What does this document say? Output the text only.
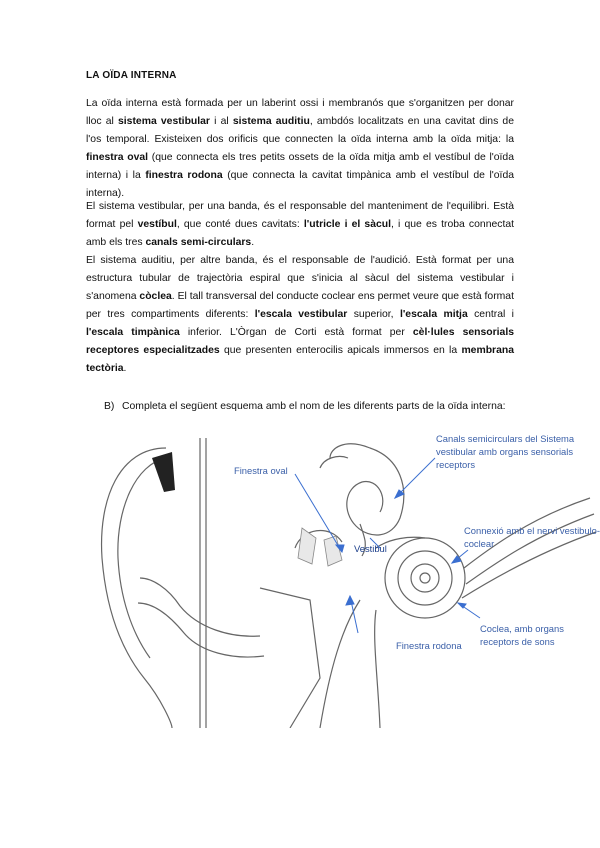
LA OÏDA INTERNA

La oïda interna està formada per un laberint ossi i membranós que s'organitzen per donar lloc al sistema vestibular i al sistema auditiu, ambdós localitzats en una cavitat dins de l'os temporal. Existeixen dos orificis que connecten la oïda interna amb la oïda mitja: la finestra oval (que connecta els tres petits ossets de la oïda mitja amb el vestíbul de l'oïda interna) i la finestra rodona (que connecta la cavitat timpànica amb el vestíbul de l'oïda interna).

El sistema vestibular, per una banda, és el responsable del manteniment de l'equilibri. Està format pel vestíbul, que conté dues cavitats: l'utricle i el sàcul, i que es troba connectat amb els tres canals semi-circulars.

El sistema auditiu, per altre banda, és el responsable de l'audició. Està format per una estructura tubular de trajectòria espiral que s'inicia al sàcul del sistema vestibular i s'anomena còclea. El tall transversal del conducte coclear ens permet veure que està format per tres compartiments diferents: l'escala vestibular superior, l'escala mitja central i l'escala timpànica inferior. L'Òrgan de Corti està format per cèl·lules sensorials receptores especialitzades que presenten enterocilis apicals immersos en la membrana tectòria.

B) Completa el següent esquema amb el nom de les diferents parts de la oïda interna:
Canals semicirculars del Sistema vestibular amb organs sensorials receptors
Finestra oval
Vestibul
Connexió amb el nervi vestibulo-coclear
Coclea, amb organs receptors de sons
Finestra rodona
